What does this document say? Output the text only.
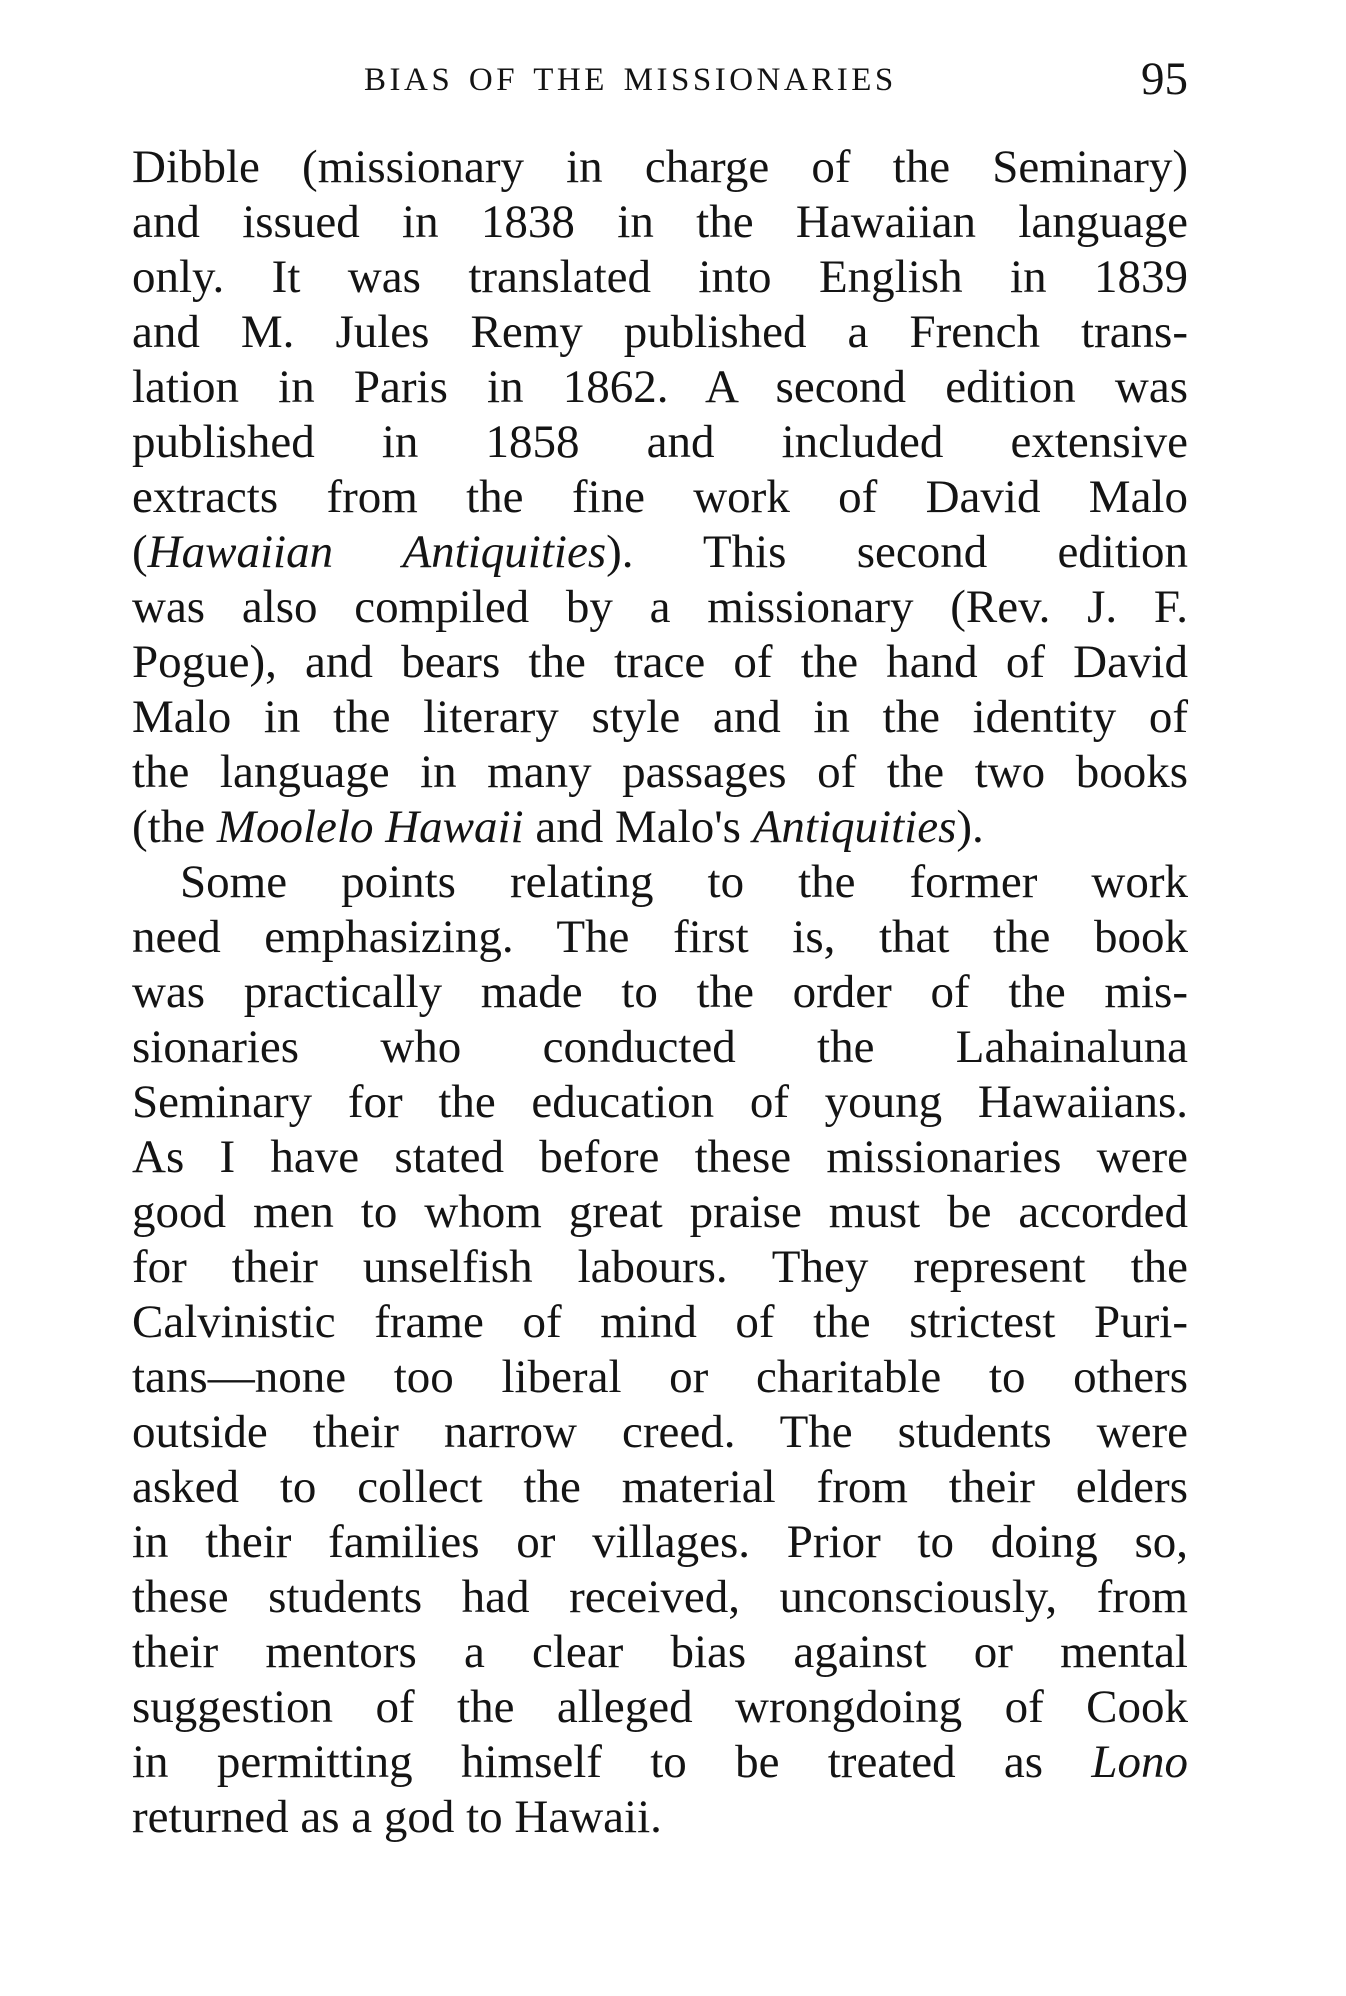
BIAS OF THE MISSIONARIES	95
Dibble (missionary in charge of the Seminary)
and issued in 1838 in the Hawaiian language
only. It was translated into English in 1839
and M. Jules Remy published a French trans-
lation in Paris in 1862. A second edition was
published in 1858 and included extensive
extracts from the fine work of David Malo
(Hawaiian Antiquities). This second edition
was also compiled by a missionary (Rev. J. F.
Pogue), and bears the trace of the hand of David
Malo in the literary style and in the identity of
the language in many passages of the two books
(the Moolelo Hawaii and Malo's Antiquities).
Some points relating to the former work
need emphasizing. The first is, that the book
was practically made to the order of the mis-
sionaries who conducted the Lahainaluna
Seminary for the education of young Hawaiians.
As I have stated before these missionaries were
good men to whom great praise must be accorded
for their unselfish labours. They represent the
Calvinistic frame of mind of the strictest Puri-
tans—none too liberal or charitable to others
outside their narrow creed. The students were
asked to collect the material from their elders
in their families or villages. Prior to doing so,
these students had received, unconsciously, from
their mentors a clear bias against or mental
suggestion of the alleged wrongdoing of Cook
in permitting himself to be treated as Lono
returned as a god to Hawaii.
